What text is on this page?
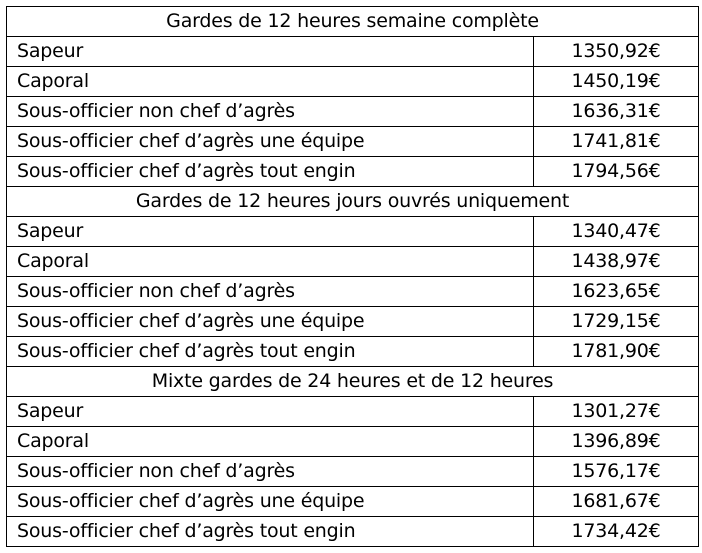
Gardes de 12 heures semaine complète	
Sapeur	1350,92€
Caporal	1450,19€
Sous-officier non chef d’agrès	1636,31€
Sous-officier chef d’agrès une équipe	1741,81€
Sous-officier chef d’agrès tout engin	1794,56€
Gardes de 12 heures jours ouvrés uniquement	
Sapeur	1340,47€
Caporal	1438,97€
Sous-officier non chef d’agrès	1623,65€
Sous-officier chef d’agrès une équipe	1729,15€
Sous-officier chef d’agrès tout engin	1781,90€
Mixte gardes de 24 heures et de 12 heures	
Sapeur	1301,27€
Caporal	1396,89€
Sous-officier non chef d’agrès	1576,17€
Sous-officier chef d’agrès une équipe	1681,67€
Sous-officier chef d’agrès tout engin	1734,42€
